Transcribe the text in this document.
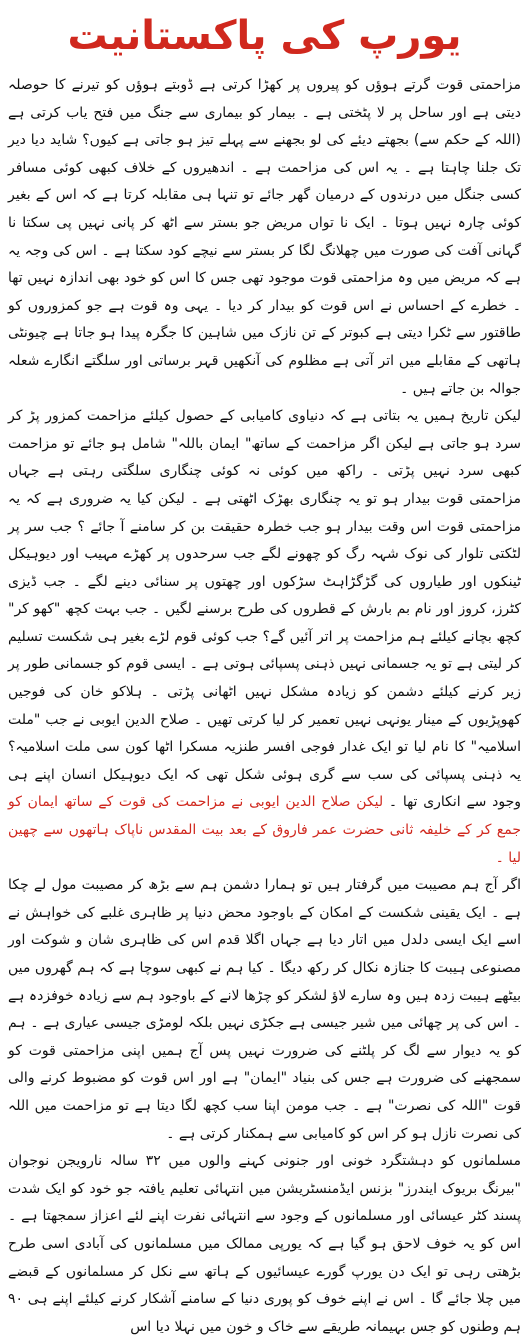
یورپ کی پاکستانیت

مزاحمتی قوت گرتے ہوؤں کو پیروں پر کھڑا کرتی ہے ڈوبتے ہوؤں کو تیرنے کا حوصلہ دیتی ہے اور ساحل پر لا پٹختی ہے ۔ بیمار کو بیماری سے جنگ میں فتح یاب کرتی ہے (اللہ کے حکم سے) بجھتے دیئے کی لو بجھنے سے پہلے تیز ہو جاتی ہے کیوں؟ شاید دیا دیر تک جلنا چاہتا ہے ۔ یہ اس کی مزاحمت ہے ۔ اندھیروں کے خلاف کبھی کوئی مسافر کسی جنگل میں درندوں کے درمیان گھر جائے تو تنہا ہی مقابلہ کرتا ہے کہ اس کے بغیر کوئی چارہ نہیں ہوتا ۔ ایک نا تواں مریض جو بستر سے اٹھ کر پانی نہیں پی سکتا نا گہانی آفت کی صورت میں چھلانگ لگا کر بستر سے نیچے کود سکتا ہے ۔ اس کی وجہ یہ ہے کہ مریض میں وہ مزاحمتی قوت موجود تھی جس کا اس کو خود بھی اندازہ نہیں تھا ۔ خطرے کے احساس نے اس قوت کو بیدار کر دیا ۔ یہی وہ قوت ہے جو کمزوروں کو طاقتور سے ٹکرا دیتی ہے کبوتر کے تن نازک میں شاہین کا جگرہ پیدا ہو جاتا ہے چیونٹی ہاتھی کے مقابلے میں اتر آتی ہے مظلوم کی آنکھیں قہر برساتی اور سلگتے انگارے شعلہ جوالہ بن جاتے ہیں ۔

لیکن تاریخ ہمیں یہ بتاتی ہے کہ دنیاوی کامیابی کے حصول کیلئے مزاحمت کمزور پڑ کر سرد ہو جاتی ہے لیکن اگر مزاحمت کے ساتھ" ایمان باللہ" شامل ہو جائے تو مزاحمت کبھی سرد نہیں پڑتی ۔ راکھ میں کوئی نہ کوئی چنگاری سلگتی رہتی ہے جہاں مزاحمتی قوت بیدار ہو تو یہ چنگاری بھڑک اٹھتی ہے ۔ لیکن کیا یہ ضروری ہے کہ یہ مزاحمتی قوت اس وقت بیدار ہو جب خطرہ حقیقت بن کر سامنے آ جائے ؟ جب سر پر لٹکتی تلوار کی نوک شہہ رگ کو چھونے لگے جب سرحدوں پر کھڑے مہیب اور دیوہیکل ٹینکوں اور طیاروں کی گڑگڑاہٹ سڑکوں اور چھتوں پر سنائی دینے لگے ۔ جب ڈیزی کٹرز، کروز اور نام بم بارش کے قطروں کی طرح برسنے لگیں ۔ جب بہت کچھ "کھو کر" کچھ بچانے کیلئے ہم مزاحمت پر اتر آئیں گے؟ جب کوئی قوم لڑے بغیر ہی شکست تسلیم کر لیتی ہے تو یہ جسمانی نہیں ذہنی پسپائی ہوتی ہے ۔ ایسی قوم کو جسمانی طور پر زیر کرنے کیلئے دشمن کو زیادہ مشکل نہیں اٹھانی پڑتی ۔ ہلاکو خان کی فوجیں کھوپڑیوں کے مینار یونہی نہیں تعمیر کر لیا کرتی تھیں ۔ صلاح الدین ایوبی نے جب "ملت اسلامیہ" کا نام لیا تو ایک غدار فوجی افسر طنزیہ مسکرا اٹھا کون سی ملت اسلامیہ؟ یہ ذہنی پسپائی کی سب سے گری ہوئی شکل تھی کہ ایک دیوہیکل انسان اپنے ہی وجود سے انکاری تھا ۔ لیکن صلاح الدین ایوبی نے مزاحمت کی قوت کے ساتھ ایمان کو جمع کر کے خلیفہ ثانی حضرت عمر فاروق کے بعد بیت المقدس ناپاک ہاتھوں سے چھین لیا ۔

اگر آج ہم مصیبت میں گرفتار ہیں تو ہمارا دشمن ہم سے بڑھ کر مصیبت مول لے چکا ہے ۔ ایک یقینی شکست کے امکان کے باوجود محض دنیا پر ظاہری غلبے کی خواہش نے اسے ایک ایسی دلدل میں اتار دیا ہے جہاں اگلا قدم اس کی ظاہری شان و شوکت اور مصنوعی ہیبت کا جنازہ نکال کر رکھ دیگا ۔ کیا ہم نے کبھی سوچا ہے کہ ہم گھروں میں بیٹھے ہیبت زدہ ہیں وہ سارے لاؤ لشکر کو چڑھا لانے کے باوجود ہم سے زیادہ خوفزدہ ہے ۔ اس کی پر چھائی میں شیر جیسی ہے جکڑی نہیں بلکہ لومڑی جیسی عیاری ہے ۔ ہم کو یہ دیوار سے لگ کر پلٹنے کی ضرورت نہیں پس آج ہمیں اپنی مزاحمتی قوت کو سمجھنے کی ضرورت ہے جس کی بنیاد "ایمان" ہے اور اس قوت کو مضبوط کرنے والی قوت "اللہ کی نصرت" ہے ۔ جب مومن اپنا سب کچھ لگا دیتا ہے تو مزاحمت میں اللہ کی نصرت نازل ہو کر اس کو کامیابی سے ہمکنار کرتی ہے ۔

مسلمانوں کو دہشتگرد خونی اور جنونی کہنے والوں میں ۳۲ سالہ نارویجن نوجوان "بیرنگ بریوک ایندرز" بزنس ایڈمنسٹریشن میں انتہائی تعلیم یافتہ جو خود کو ایک شدت پسند کٹر عیسائی اور مسلمانوں کے وجود سے انتہائی نفرت اپنے لئے اعزاز سمجھتا ہے ۔ اس کو یہ خوف لاحق ہو گیا ہے کہ یورپی ممالک میں مسلمانوں کی آبادی اسی طرح بڑھتی رہی تو ایک دن یورپ گورے عیسائیوں کے ہاتھ سے نکل کر مسلمانوں کے قبضے میں چلا جائے گا ۔ اس نے اپنے خوف کو پوری دنیا کے سامنے آشکار کرنے کیلئے اپنے ہی ۹۰ ہم وطنوں کو جس بہیمانہ طریقے سے خاک و خون میں نہلا دیا اس
